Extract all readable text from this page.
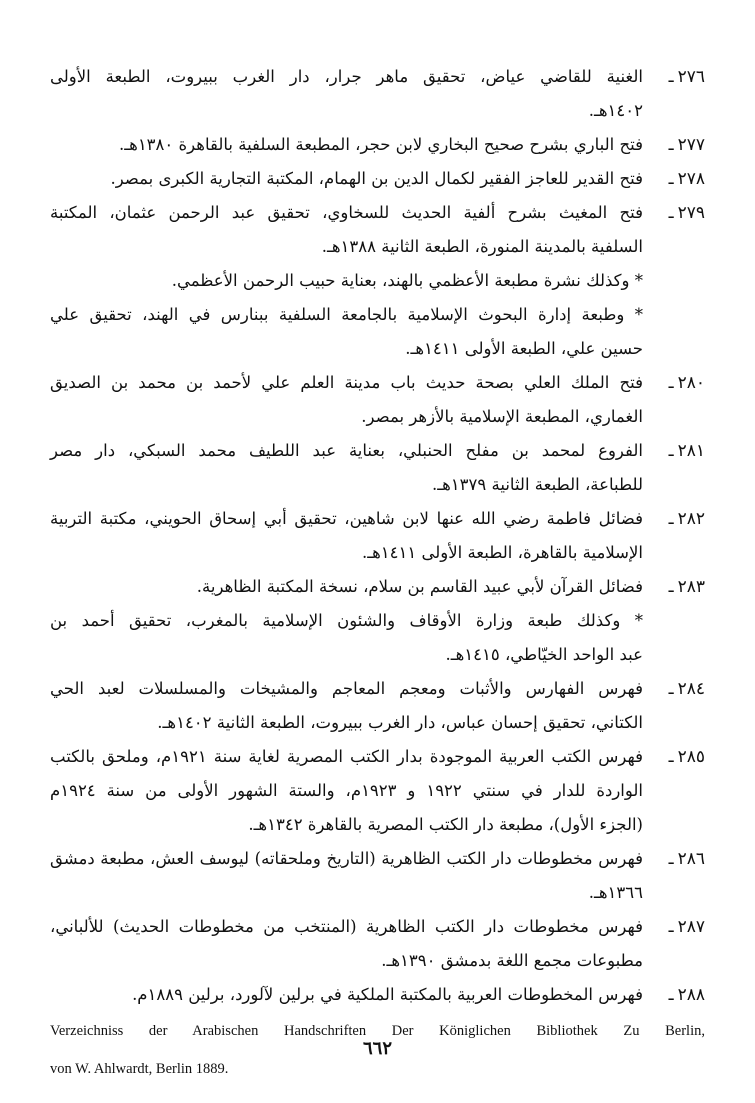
٢٧٦ـ
الغنية للقاضي عياض، تحقيق ماهر جرار، دار الغرب ببيروت، الطبعة الأولى
١٤٠٢هـ.
٢٧٧ـ
فتح الباري بشرح صحيح البخاري لابن حجر، المطبعة السلفية بالقاهرة ١٣٨٠هـ.
٢٧٨ـ
فتح القدير للعاجز الفقير لكمال الدين بن الهمام، المكتبة التجارية الكبرى بمصر.
٢٧٩ـ
فتح المغيث بشرح ألفية الحديث للسخاوي، تحقيق عبد الرحمن عثمان، المكتبة
السلفية بالمدينة المنورة، الطبعة الثانية ١٣٨٨هـ.
* وكذلك نشرة مطبعة الأعظمي بالهند، بعناية حبيب الرحمن الأعظمي.
* وطبعة إدارة البحوث الإسلامية بالجامعة السلفية ببنارس في الهند، تحقيق علي
حسين علي، الطبعة الأولى ١٤١١هـ.
٢٨٠ـ
فتح الملك العلي بصحة حديث باب مدينة العلم علي لأحمد بن محمد بن الصديق
الغماري، المطبعة الإسلامية بالأزهر بمصر.
٢٨١ـ
الفروع لمحمد بن مفلح الحنبلي، بعناية عبد اللطيف محمد السبكي، دار مصر
للطباعة، الطبعة الثانية ١٣٧٩هـ.
٢٨٢ـ
فضائل فاطمة رضي الله عنها لابن شاهين، تحقيق أبي إسحاق الحويني، مكتبة التربية
الإسلامية بالقاهرة، الطبعة الأولى ١٤١١هـ.
٢٨٣ـ
فضائل القرآن لأبي عبيد القاسم بن سلام، نسخة المكتبة الظاهرية.
* وكذلك طبعة وزارة الأوقاف والشئون الإسلامية بالمغرب، تحقيق أحمد بن
عبد الواحد الخيّاطي، ١٤١٥هـ.
٢٨٤ـ
فهرس الفهارس والأثبات ومعجم المعاجم والمشيخات والمسلسلات لعبد الحي
الكتاني، تحقيق إحسان عباس، دار الغرب ببيروت، الطبعة الثانية ١٤٠٢هـ.
٢٨٥ـ
فهرس الكتب العربية الموجودة بدار الكتب المصرية لغاية سنة ١٩٢١م، وملحق بالكتب
الواردة للدار في سنتي ١٩٢٢ و ١٩٢٣م، والستة الشهور الأولى من سنة ١٩٢٤م
(الجزء الأول)، مطبعة دار الكتب المصرية بالقاهرة ١٣٤٢هـ.
٢٨٦ـ
فهرس مخطوطات دار الكتب الظاهرية (التاريخ وملحقاته) ليوسف العش، مطبعة دمشق
١٣٦٦هـ.
٢٨٧ـ
فهرس مخطوطات دار الكتب الظاهرية (المنتخب من مخطوطات الحديث) للألباني،
مطبوعات مجمع اللغة بدمشق ١٣٩٠هـ.
٢٨٨ـ
فهرس المخطوطات العربية بالمكتبة الملكية في برلين لآلورد، برلين ١٨٨٩م.
Verzeichniss der Arabischen Handschriften Der Königlichen Bibliothek Zu Berlin,
von W. Ahlwardt, Berlin 1889.
٦٦٢
